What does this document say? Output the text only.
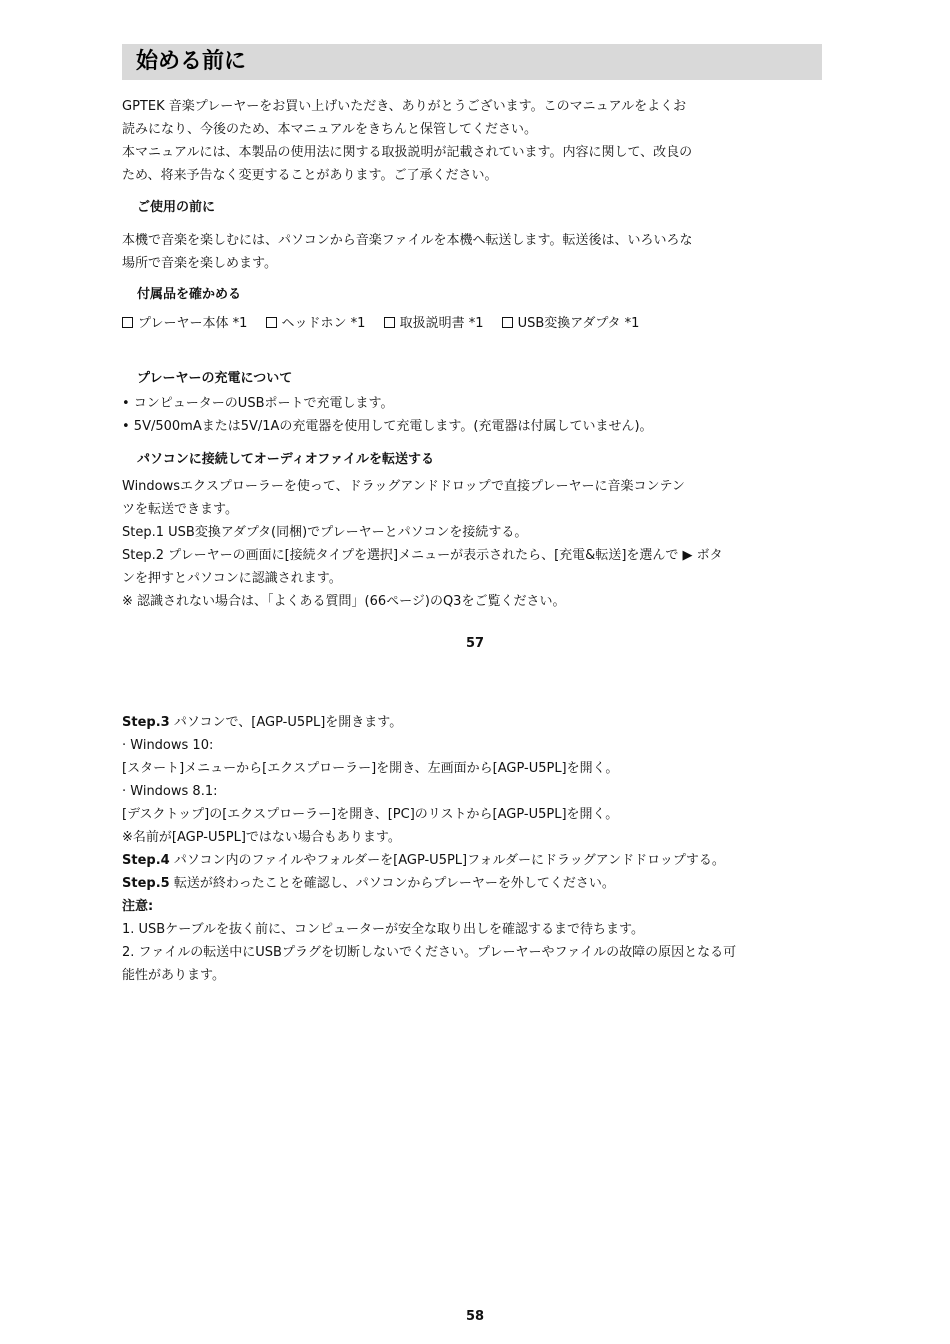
始める前に

GPTEK 音楽プレーヤーをお買い上げいただき、ありがとうございます。このマニュアルをよくお

読みになり、今後のため、本マニュアルをきちんと保管してください。

本マニュアルには、本製品の使用法に関する取扱説明が記載されています。内容に関して、改良の

ため、将来予告なく変更することがあります。ご了承ください。

ご使用の前に

本機で音楽を楽しむには、パソコンから音楽ファイルを本機へ転送します。転送後は、いろいろな

場所で音楽を楽しめます。

付属品を確かめる

プレーヤー本体 *1	ヘッドホン *1	取扱説明書 *1	USB変換アダプタ *1

プレーヤーの充電について

• コンピューターのUSBポートで充電します。

• 5V/500mAまたは5V/1Aの充電器を使用して充電します。(充電器は付属していません)。

パソコンに接続してオーディオファイルを転送する

Windowsエクスプローラーを使って、ドラッグアンドドロップで直接プレーヤーに音楽コンテン

ツを転送できます。

Step.1 USB変換アダプタ(同梱)でプレーヤーとパソコンを接続する。

Step.2 プレーヤーの画面に[接続タイプを選択]メニューが表示されたら、[充電&転送]を選んで ▶ ボタ

ンを押すとパソコンに認識されます。

※ 認識されない場合は、「よくある質問」(66ページ)のQ3をご覧ください。

57

Step.3 パソコンで、[AGP-U5PL]を開きます。

· Windows 10:

[スタート]メニューから[エクスプローラー]を開き、左画面から[AGP-U5PL]を開く。

· Windows 8.1:

[デスクトップ]の[エクスプローラー]を開き、[PC]のリストから[AGP-U5PL]を開く。

※名前が[AGP-U5PL]ではない場合もあります。

Step.4 パソコン内のファイルやフォルダーを[AGP-U5PL]フォルダーにドラッグアンドドロップする。

Step.5 転送が終わったことを確認し、パソコンからプレーヤーを外してください。

注意:

1. USBケーブルを抜く前に、コンピューターが安全な取り出しを確認するまで待ちます。

2. ファイルの転送中にUSBプラグを切断しないでください。プレーヤーやファイルの故障の原因となる可

能性があります。

58
